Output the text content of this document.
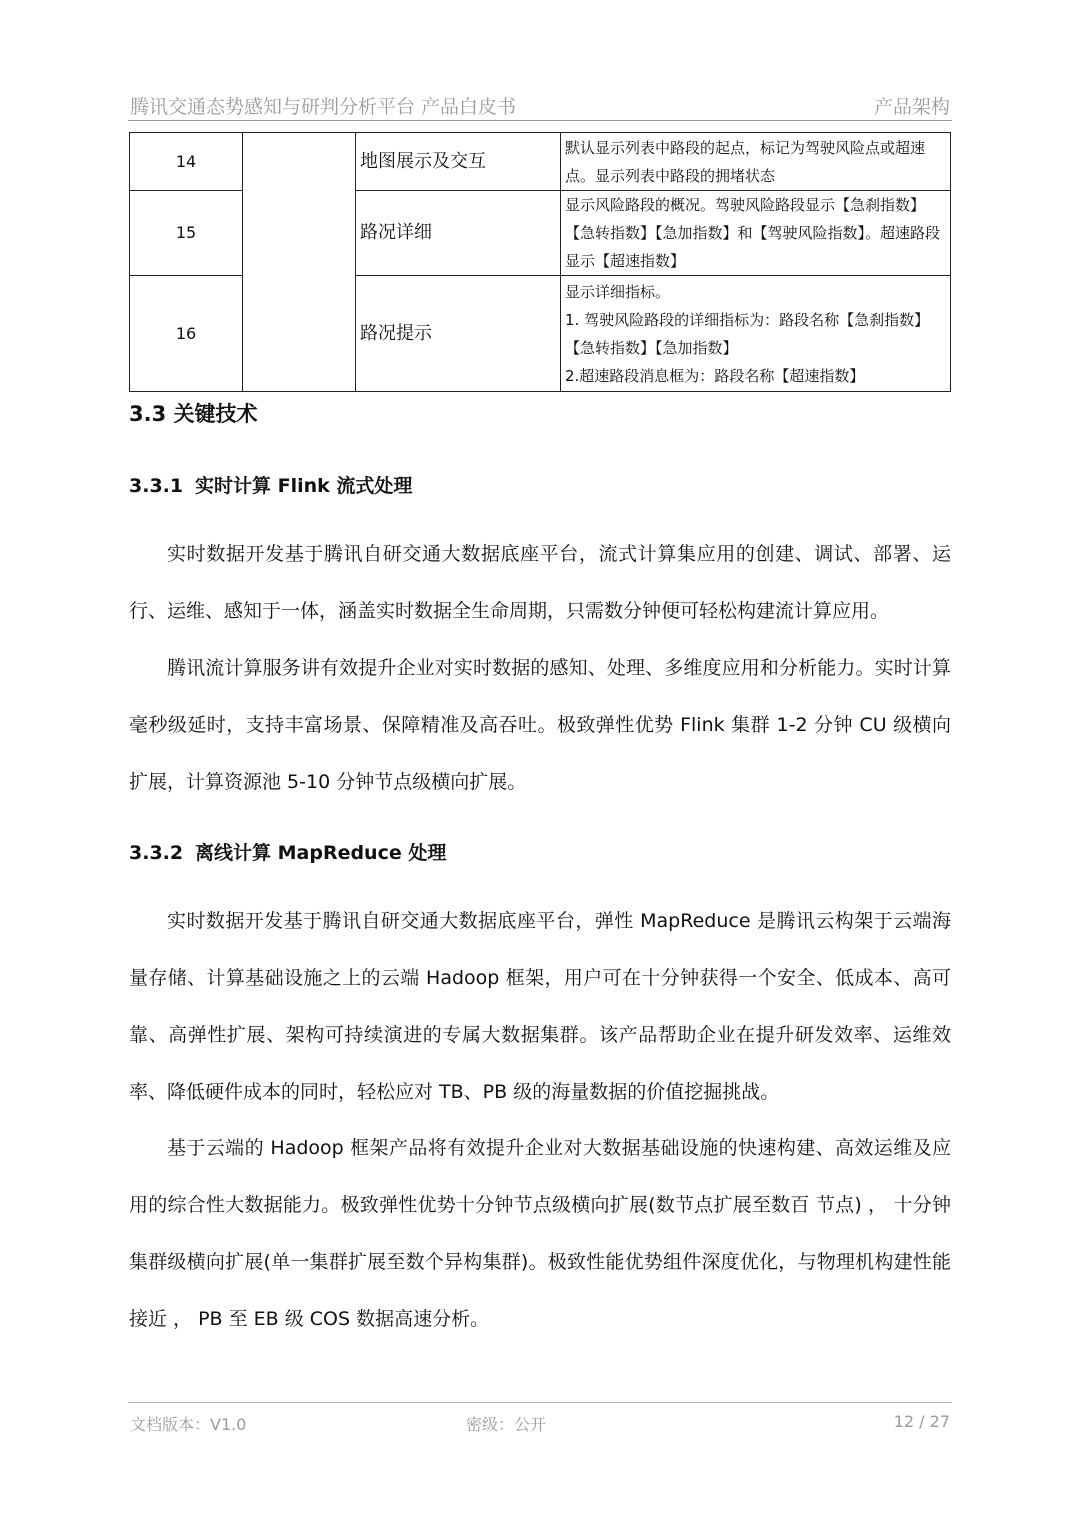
腾讯交通态势感知与研判分析平台 产品白皮书	产品架构
14		地图展示及交互	默认显示列表中路段的起点，标记为驾驶风险点或超速点。显示列表中路段的拥堵状态
15		路况详细	显示风险路段的概况。驾驶风险路段显示【急刹指数】【急转指数】【急加指数】和【驾驶风险指数】。超速路段显示【超速指数】
16		路况提示	显示详细指标。
1. 驾驶风险路段的详细指标为：路段名称【急刹指数】【急转指数】【急加指数】
2.超速路段消息框为：路段名称【超速指数】
3.3 关键技术
3.3.1 实时计算 Flink 流式处理

实时数据开发基于腾讯自研交通大数据底座平台，流式计算集应用的创建、调试、部署、运行、运维、感知于一体，涵盖实时数据全生命周期，只需数分钟便可轻松构建流计算应用。

腾讯流计算服务讲有效提升企业对实时数据的感知、处理、多维度应用和分析能力。实时计算毫秒级延时，支持丰富场景、保障精准及高吞吐。极致弹性优势 Flink 集群 1-2 分钟 CU 级横向扩展，计算资源池 5-10 分钟节点级横向扩展。

3.3.2 离线计算 MapReduce 处理

实时数据开发基于腾讯自研交通大数据底座平台，弹性 MapReduce 是腾讯云构架于云端海量存储、计算基础设施之上的云端 Hadoop 框架，用户可在十分钟获得一个安全、低成本、高可靠、高弹性扩展、架构可持续演进的专属大数据集群。该产品帮助企业在提升研发效率、运维效率、降低硬件成本的同时，轻松应对 TB、PB 级的海量数据的价值挖掘挑战。

基于云端的 Hadoop 框架产品将有效提升企业对大数据基础设施的快速构建、高效运维及应用的综合性大数据能力。极致弹性优势十分钟节点级横向扩展(数节点扩展至数百 节点) ， 十分钟集群级横向扩展(单一集群扩展至数个异构集群)。极致性能优势组件深度优化，与物理机构建性能接近 ， PB 至 EB 级 COS 数据高速分析。

文档版本：V1.0	密级：公开	12 / 27
